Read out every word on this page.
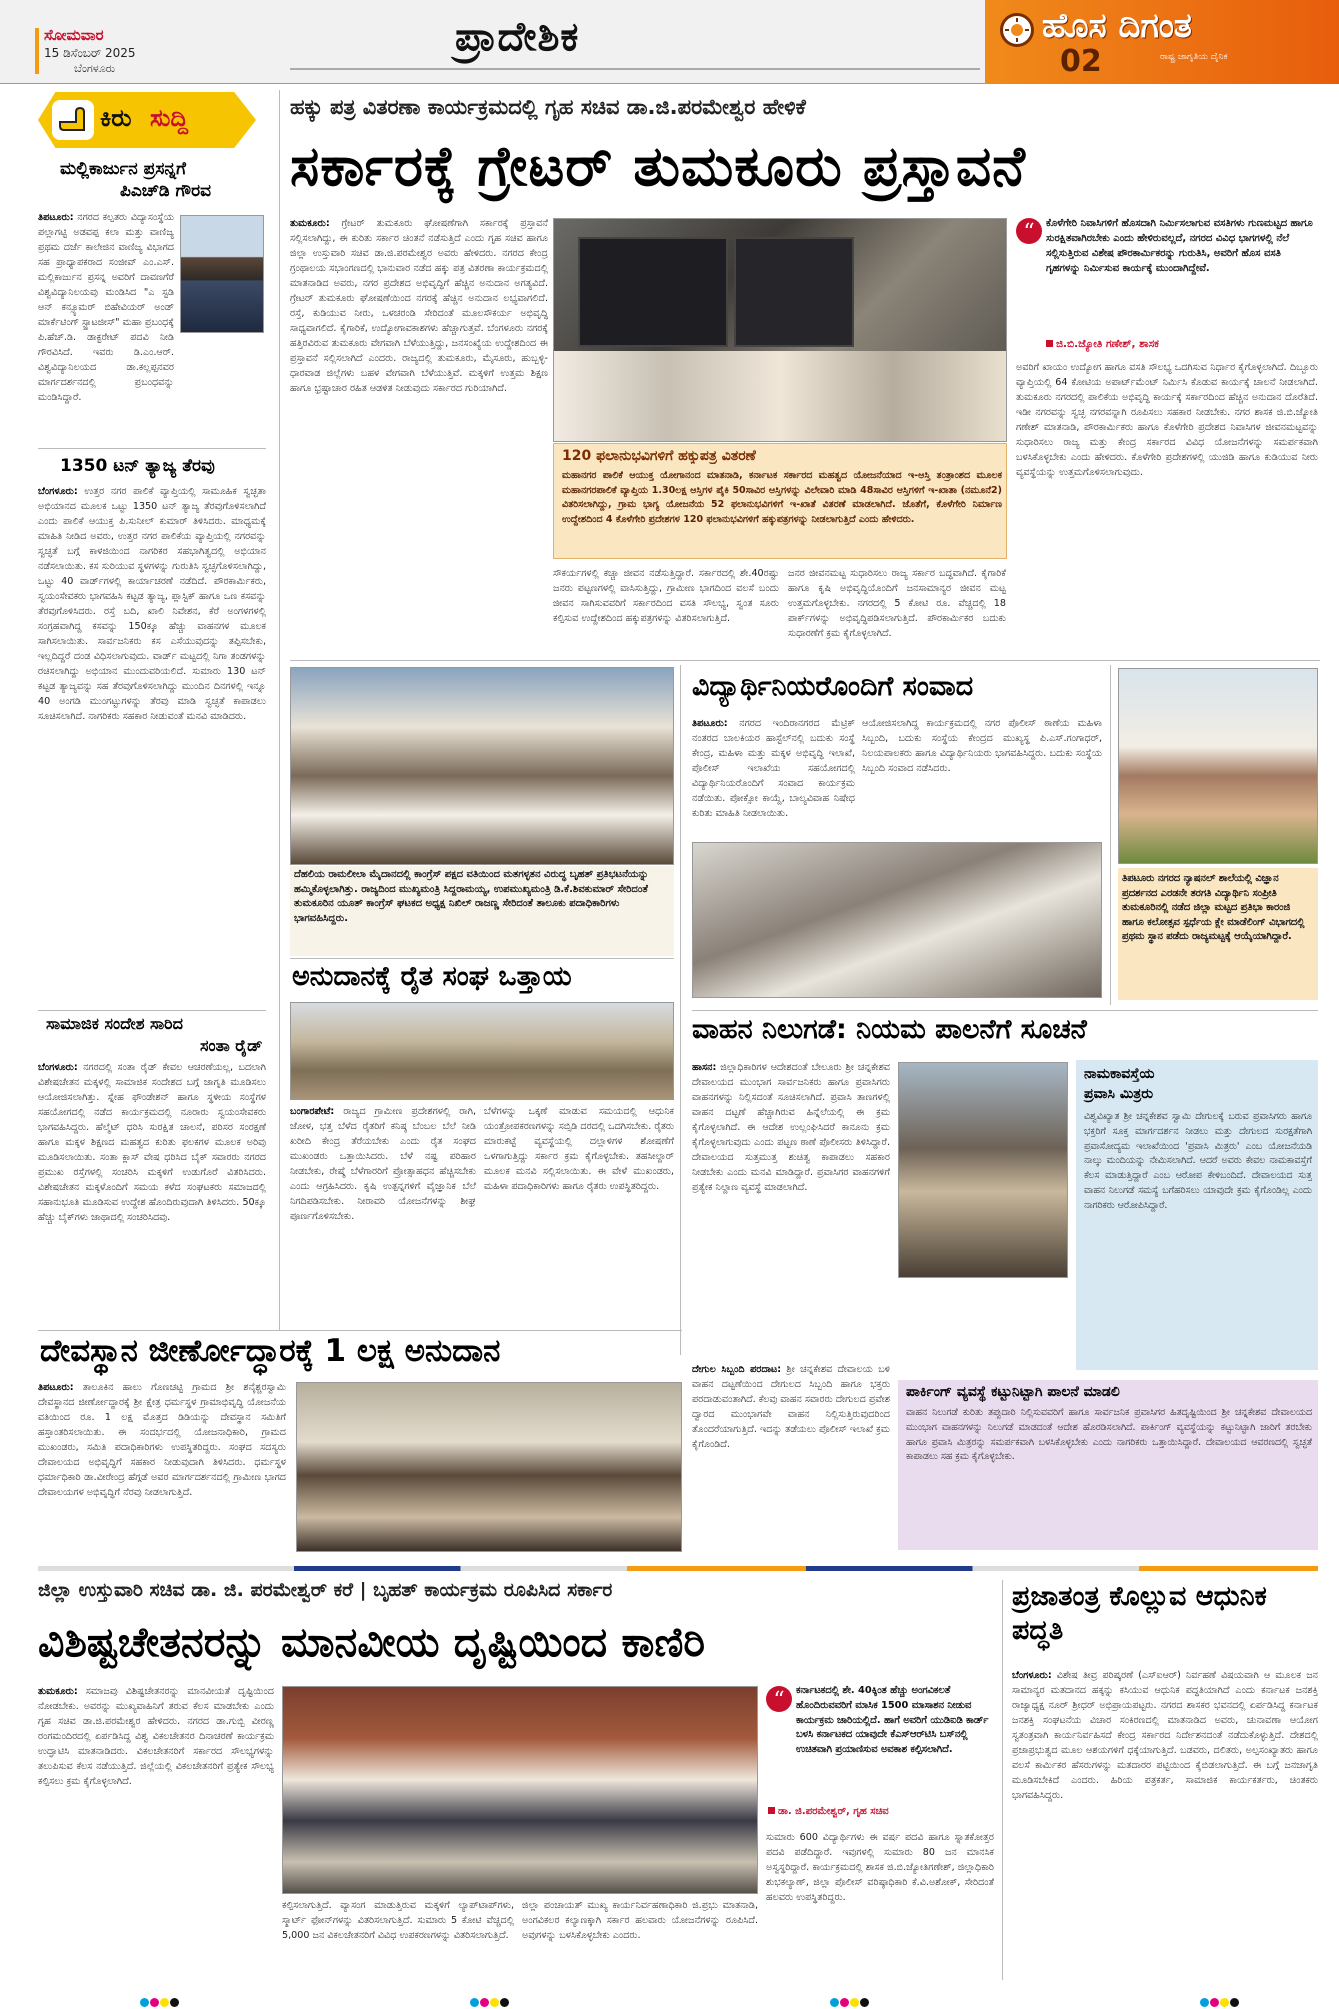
ಸೋಮವಾರ
15 ಡಿಸೆಂಬರ್ 2025
ಬೆಂಗಳೂರು
ಪ್ರಾದೇಶಿಕ	ಹೊಸ ದಿಗಂತ
ರಾಷ್ಟ್ರ ಜಾಗೃತಿಯ ದೈನಿಕ
02
ಕಿರು ಸುದ್ದಿ
ಮಲ್ಲಿಕಾರ್ಜುನ ಪ್ರಸನ್ನಗೆ
ಪಿಎಚ್‌ಡಿ ಗೌರವ
ತಿಪಟೂರು: ನಗರದ ಕಲ್ಪತರು ವಿದ್ಯಾಸಂಸ್ಥೆಯ ಪಲ್ಲಾಗಟ್ಟಿ ಅಡವಪ್ಪ ಕಲಾ ಮತ್ತು ವಾಣಿಜ್ಯ ಪ್ರಥಮ ದರ್ಜೆ ಕಾಲೇಜಿನ ವಾಣಿಜ್ಯ ವಿಭಾಗದ ಸಹ ಪ್ರಾಧ್ಯಾಪಕರಾದ ಸಂಜೀವ್ ಎಂ.ಎಸ್. ಮಲ್ಲಿಕಾರ್ಜುನ ಪ್ರಸನ್ನ ಅವರಿಗೆ ದಾವಣಗೆರೆ ವಿಶ್ವವಿದ್ಯಾನಿಲಯವು ಮಂಡಿಸಿದ "ಎ ಸ್ಟಡಿ ಆನ್ ಕನ್ಸ್ಯೂಮರ್ ಬಿಹೇವಿಯರ್ ಅಂಡ್ ಮಾರ್ಕೆಟಿಂಗ್ ಸ್ಟ್ರಾಟಜೀಸ್" ಮಹಾ ಪ್ರಬಂಧಕ್ಕೆ ಪಿ.ಹೆಚ್.ಡಿ. ಡಾಕ್ಟರೇಟ್ ಪದವಿ ನೀಡಿ ಗೌರವಿಸಿದೆ. ಇವರು ಡಿ.ಎಂ.ಆರ್. ವಿಶ್ವವಿದ್ಯಾನಿಲಯದ ಡಾ.ಕಲ್ಲಪ್ಪನವರ ಮಾರ್ಗದರ್ಶನದಲ್ಲಿ ಪ್ರಬಂಧವನ್ನು ಮಂಡಿಸಿದ್ದಾರೆ.
1350 ಟನ್ ತ್ಯಾಜ್ಯ ತೆರವು
ಬೆಂಗಳೂರು: ಉತ್ತರ ನಗರ ಪಾಲಿಕೆ ವ್ಯಾಪ್ತಿಯಲ್ಲಿ ಸಾಮೂಹಿಕ ಸ್ವಚ್ಛತಾ ಅಭಿಯಾನದ ಮೂಲಕ ಒಟ್ಟು 1350 ಟನ್ ತ್ಯಾಜ್ಯ ತೆರವುಗೊಳಿಸಲಾಗಿದೆ ಎಂದು ಪಾಲಿಕೆ ಆಯುಕ್ತ ಪಿ.ಸುನೀಲ್ ಕುಮಾರ್ ತಿಳಿಸಿದರು. ಮಾಧ್ಯಮಕ್ಕೆ ಮಾಹಿತಿ ನೀಡಿದ ಅವರು, ಉತ್ತರ ನಗರ ಪಾಲಿಕೆಯ ವ್ಯಾಪ್ತಿಯಲ್ಲಿ ನಗರವನ್ನು ಸ್ವಚ್ಛತೆ ಬಗ್ಗೆ ಕಾಳಜಿಯಿಂದ ನಾಗರಿಕರ ಸಹಭಾಗಿತ್ವದಲ್ಲಿ ಅಭಿಯಾನ ನಡೆಸಲಾಯಿತು. ಕಸ ಸುರಿಯುವ ಸ್ಥಳಗಳನ್ನು ಗುರುತಿಸಿ ಸ್ವಚ್ಛಗೊಳಿಸಲಾಗಿದ್ದು, ಒಟ್ಟು 40 ವಾರ್ಡ್‌ಗಳಲ್ಲಿ ಕಾರ್ಯಾಚರಣೆ ನಡೆದಿದೆ. ಪೌರಕಾರ್ಮಿಕರು, ಸ್ವಯಂಸೇವಕರು ಭಾಗವಹಿಸಿ ಕಟ್ಟಡ ತ್ಯಾಜ್ಯ, ಪ್ಲಾಸ್ಟಿಕ್ ಹಾಗೂ ಒಣ ಕಸವನ್ನು ತೆರವುಗೊಳಿಸಿದರು. ರಸ್ತೆ ಬದಿ, ಖಾಲಿ ನಿವೇಶನ, ಕೆರೆ ಅಂಗಳಗಳಲ್ಲಿ ಸಂಗ್ರಹವಾಗಿದ್ದ ಕಸವನ್ನು 150ಕ್ಕೂ ಹೆಚ್ಚು ವಾಹನಗಳ ಮೂಲಕ ಸಾಗಿಸಲಾಯಿತು. ಸಾರ್ವಜನಿಕರು ಕಸ ಎಸೆಯುವುದನ್ನು ತಪ್ಪಿಸಬೇಕು, ಇಲ್ಲದಿದ್ದರೆ ದಂಡ ವಿಧಿಸಲಾಗುವುದು. ವಾರ್ಡ್ ಮಟ್ಟದಲ್ಲಿ ನಿಗಾ ತಂಡಗಳನ್ನು ರಚಿಸಲಾಗಿದ್ದು ಅಭಿಯಾನ ಮುಂದುವರಿಯಲಿದೆ. ಸುಮಾರು 130 ಟನ್ ಕಟ್ಟಡ ತ್ಯಾಜ್ಯವನ್ನು ಸಹ ತೆರವುಗೊಳಿಸಲಾಗಿದ್ದು ಮುಂದಿನ ದಿನಗಳಲ್ಲಿ ಇನ್ನೂ 40 ಅಂಗಡಿ ಮುಂಗಟ್ಟುಗಳನ್ನು ತೆರವು ಮಾಡಿ ಸ್ವಚ್ಛತೆ ಕಾಪಾಡಲು ಸೂಚಿಸಲಾಗಿದೆ. ನಾಗರಿಕರು ಸಹಕಾರ ನೀಡುವಂತೆ ಮನವಿ ಮಾಡಿದರು.
ಸಾಮಾಜಿಕ ಸಂದೇಶ ಸಾರಿದ
ಸಂತಾ ರೈಡ್
ಬೆಂಗಳೂರು: ನಗರದಲ್ಲಿ ಸಂತಾ ರೈಡ್ ಕೇವಲ ಆಚರಣೆಯಲ್ಲ, ಬದಲಾಗಿ ವಿಶೇಷಚೇತನ ಮಕ್ಕಳಲ್ಲಿ ಸಾಮಾಜಿಕ ಸಂದೇಶದ ಬಗ್ಗೆ ಜಾಗೃತಿ ಮೂಡಿಸಲು ಆಯೋಜಿಸಲಾಗಿತ್ತು. ಸ್ನೇಹ ಫೌಂಡೇಶನ್ ಹಾಗೂ ಸ್ಥಳೀಯ ಸಂಸ್ಥೆಗಳ ಸಹಯೋಗದಲ್ಲಿ ನಡೆದ ಕಾರ್ಯಕ್ರಮದಲ್ಲಿ ನೂರಾರು ಸ್ವಯಂಸೇವಕರು ಭಾಗವಹಿಸಿದ್ದರು. ಹೆಲ್ಮೆಟ್ ಧರಿಸಿ ಸುರಕ್ಷಿತ ಚಾಲನೆ, ಪರಿಸರ ಸಂರಕ್ಷಣೆ ಹಾಗೂ ಮಕ್ಕಳ ಶಿಕ್ಷಣದ ಮಹತ್ವದ ಕುರಿತು ಫಲಕಗಳ ಮೂಲಕ ಅರಿವು ಮೂಡಿಸಲಾಯಿತು. ಸಂತಾ ಕ್ಲಾಸ್ ವೇಷ ಧರಿಸಿದ ಬೈಕ್ ಸವಾರರು ನಗರದ ಪ್ರಮುಖ ರಸ್ತೆಗಳಲ್ಲಿ ಸಂಚರಿಸಿ ಮಕ್ಕಳಿಗೆ ಉಡುಗೊರೆ ವಿತರಿಸಿದರು. ವಿಶೇಷಚೇತನ ಮಕ್ಕಳೊಂದಿಗೆ ಸಮಯ ಕಳೆದ ಸಂಘಟಕರು ಸಮಾಜದಲ್ಲಿ ಸಹಾನುಭೂತಿ ಮೂಡಿಸುವ ಉದ್ದೇಶ ಹೊಂದಿರುವುದಾಗಿ ತಿಳಿಸಿದರು. 50ಕ್ಕೂ ಹೆಚ್ಚು ಬೈಕ್‌ಗಳು ಜಾಥಾದಲ್ಲಿ ಸಂಚರಿಸಿದವು.
ಹಕ್ಕು ಪತ್ರ ವಿತರಣಾ ಕಾರ್ಯಕ್ರಮದಲ್ಲಿ ಗೃಹ ಸಚಿವ ಡಾ.ಜಿ.ಪರಮೇಶ್ವರ ಹೇಳಿಕೆ
ಸರ್ಕಾರಕ್ಕೆ ಗ್ರೇಟರ್ ತುಮಕೂರು ಪ್ರಸ್ತಾವನೆ
ತುಮಕೂರು: ಗ್ರೇಟರ್ ತುಮಕೂರು ಘೋಷಣೆಗಾಗಿ ಸರ್ಕಾರಕ್ಕೆ ಪ್ರಸ್ತಾವನೆ ಸಲ್ಲಿಸಲಾಗಿದ್ದು, ಈ ಕುರಿತು ಸರ್ಕಾರ ಚಿಂತನೆ ನಡೆಸುತ್ತಿದೆ ಎಂದು ಗೃಹ ಸಚಿವ ಹಾಗೂ ಜಿಲ್ಲಾ ಉಸ್ತುವಾರಿ ಸಚಿವ ಡಾ.ಜಿ.ಪರಮೇಶ್ವರ ಅವರು ಹೇಳಿದರು. ನಗರದ ಕೇಂದ್ರ ಗ್ರಂಥಾಲಯ ಸಭಾಂಗಣದಲ್ಲಿ ಭಾನುವಾರ ನಡೆದ ಹಕ್ಕು ಪತ್ರ ವಿತರಣಾ ಕಾರ್ಯಕ್ರಮದಲ್ಲಿ ಮಾತನಾಡಿದ ಅವರು, ನಗರ ಪ್ರದೇಶದ ಅಭಿವೃದ್ಧಿಗೆ ಹೆಚ್ಚಿನ ಅನುದಾನ ಅಗತ್ಯವಿದೆ. ಗ್ರೇಟರ್ ತುಮಕೂರು ಘೋಷಣೆಯಿಂದ ನಗರಕ್ಕೆ ಹೆಚ್ಚಿನ ಅನುದಾನ ಲಭ್ಯವಾಗಲಿದೆ. ರಸ್ತೆ, ಕುಡಿಯುವ ನೀರು, ಒಳಚರಂಡಿ ಸೇರಿದಂತೆ ಮೂಲಸೌಕರ್ಯ ಅಭಿವೃದ್ಧಿ ಸಾಧ್ಯವಾಗಲಿದೆ. ಕೈಗಾರಿಕೆ, ಉದ್ಯೋಗಾವಕಾಶಗಳು ಹೆಚ್ಚಾಗುತ್ತವೆ. ಬೆಂಗಳೂರು ನಗರಕ್ಕೆ ಹತ್ತಿರವಿರುವ ತುಮಕೂರು ವೇಗವಾಗಿ ಬೆಳೆಯುತ್ತಿದ್ದು, ಜನಸಂಖ್ಯೆಯ ಉದ್ದೇಶದಿಂದ ಈ ಪ್ರಸ್ತಾವನೆ ಸಲ್ಲಿಸಲಾಗಿದೆ ಎಂದರು. ರಾಜ್ಯದಲ್ಲಿ ತುಮಕೂರು, ಮೈಸೂರು, ಹುಬ್ಬಳ್ಳಿ-ಧಾರವಾಡ ಜಿಲ್ಲೆಗಳು ಬಹಳ ವೇಗವಾಗಿ ಬೆಳೆಯುತ್ತಿವೆ. ಮಕ್ಕಳಿಗೆ ಉತ್ತಮ ಶಿಕ್ಷಣ ಹಾಗೂ ಭ್ರಷ್ಟಾಚಾರ ರಹಿತ ಆಡಳಿತ ನೀಡುವುದು ಸರ್ಕಾರದ ಗುರಿಯಾಗಿದೆ.
120 ಫಲಾನುಭವಿಗಳಿಗೆ ಹಕ್ಕುಪತ್ರ ವಿತರಣೆ
ಮಹಾನಗರ ಪಾಲಿಕೆ ಆಯುಕ್ತ ಯೋಗಾನಂದ ಮಾತನಾಡಿ, ಕರ್ನಾಟಕ ಸರ್ಕಾರದ ಮಹತ್ವದ ಯೋಜನೆಯಾದ ಇ-ಆಸ್ತಿ ತಂತ್ರಾಂಶದ ಮೂಲಕ ಮಹಾನಗರಪಾಲಿಕೆ ವ್ಯಾಪ್ತಿಯ 1.30ಲಕ್ಷ ಆಸ್ತಿಗಳ ಪೈಕಿ 50ಸಾವಿರ ಆಸ್ತಿಗಳನ್ನು ವಿಲೇವಾರಿ ಮಾಡಿ 48ಸಾವಿರ ಆಸ್ತಿಗಳಿಗೆ ಇ-ಖಾತಾ (ನಮೂನೆ2) ವಿತರಿಸಲಾಗಿದ್ದು, ಗ್ರಾಮ ಭಾಗ್ಯ ಯೋಜನೆಯ 52 ಫಲಾನುಭವಿಗಳಿಗೆ ಇ-ಖಾತೆ ವಿತರಣೆ ಮಾಡಲಾಗಿದೆ. ಜೊತೆಗೆ, ಕೊಳೆಗೇರಿ ನಿರ್ಮಾಣ ಉದ್ದೇಶದಿಂದ 4 ಕೊಳೆಗೇರಿ ಪ್ರದೇಶಗಳ 120 ಫಲಾನುಭವಿಗಳಿಗೆ ಹಕ್ಕುಪತ್ರಗಳನ್ನು ನೀಡಲಾಗುತ್ತಿದೆ ಎಂದು ಹೇಳಿದರು.
ಸೌಕರ್ಯಗಳಲ್ಲಿ ಕಚ್ಚಾ ಜೀವನ ನಡೆಸುತ್ತಿದ್ದಾರೆ. ಸರ್ಕಾರದಲ್ಲಿ ಶೇ.40ರಷ್ಟು ಜನರು ಪಟ್ಟಣಗಳಲ್ಲಿ ವಾಸಿಸುತ್ತಿದ್ದು, ಗ್ರಾಮೀಣ ಭಾಗದಿಂದ ವಲಸೆ ಬಂದು ಜೀವನ ಸಾಗಿಸುವವರಿಗೆ ಸರ್ಕಾರದಿಂದ ವಸತಿ ಸೌಲಭ್ಯ, ಸ್ವಂತ ಸೂರು ಕಲ್ಪಿಸುವ ಉದ್ದೇಶದಿಂದ ಹಕ್ಕುಪತ್ರಗಳನ್ನು ವಿತರಿಸಲಾಗುತ್ತಿದೆ.
ಜನರ ಜೀವನಮಟ್ಟ ಸುಧಾರಿಸಲು ರಾಜ್ಯ ಸರ್ಕಾರ ಬದ್ಧವಾಗಿದೆ. ಕೈಗಾರಿಕೆ ಹಾಗೂ ಕೃಷಿ ಅಭಿವೃದ್ಧಿಯೊಂದಿಗೆ ಜನಸಾಮಾನ್ಯರ ಜೀವನ ಮಟ್ಟ ಉತ್ತಮಗೊಳ್ಳಬೇಕು. ನಗರದಲ್ಲಿ 5 ಕೋಟಿ ರೂ. ವೆಚ್ಚದಲ್ಲಿ 18 ಪಾರ್ಕ್‌ಗಳನ್ನು ಅಭಿವೃದ್ಧಿಪಡಿಸಲಾಗುತ್ತಿದೆ. ಪೌರಕಾರ್ಮಿಕರ ಬದುಕು ಸುಧಾರಣೆಗೆ ಕ್ರಮ ಕೈಗೊಳ್ಳಲಾಗಿದೆ.
“	ಕೊಳೆಗೇರಿ ನಿವಾಸಿಗಳಿಗೆ ಹೊಸದಾಗಿ ನಿರ್ಮಿಸಲಾಗುವ ವಸತಿಗಳು ಗುಣಮಟ್ಟದ ಹಾಗೂ ಸುರಕ್ಷಿತವಾಗಿರಬೇಕು ಎಂದು ಹೇಳಿರುವಲ್ಲದೆ, ನಗರದ ವಿವಿಧ ಭಾಗಗಳಲ್ಲಿ ನೆಲೆ ಸಲ್ಲಿಸುತ್ತಿರುವ ವಿಶೇಷ ಪೌರಕಾರ್ಮಿಕರನ್ನು ಗುರುತಿಸಿ, ಅವರಿಗೆ ಹೊಸ ವಸತಿ ಗೃಹಗಳನ್ನು ನಿರ್ಮಿಸುವ ಕಾರ್ಯಕ್ಕೆ ಮುಂದಾಗಿದ್ದೇವೆ.
ಜಿ.ಬಿ.ಜ್ಯೋತಿ ಗಣೇಶ್, ಶಾಸಕ
ಅವರಿಗೆ ಖಾಯಂ ಉದ್ಯೋಗ ಹಾಗೂ ವಸತಿ ಸೌಲಭ್ಯ ಒದಗಿಸುವ ನಿರ್ಧಾರ ಕೈಗೊಳ್ಳಲಾಗಿದೆ. ದಿಬ್ಬೂರು ವ್ಯಾಪ್ತಿಯಲ್ಲಿ 64 ಕೋಟಿಯ ಅಪಾರ್ಟ್‌ಮೆಂಟ್ ನಿರ್ಮಿಸಿ ಕೊಡುವ ಕಾರ್ಯಕ್ಕೆ ಚಾಲನೆ ನೀಡಲಾಗಿದೆ. ತುಮಕೂರು ನಗರದಲ್ಲಿ ಪಾಲಿಕೆಯ ಅಭಿವೃದ್ಧಿ ಕಾರ್ಯಕ್ಕೆ ಸರ್ಕಾರದಿಂದ ಹೆಚ್ಚಿನ ಅನುದಾನ ದೊರೆತಿದೆ. ಇಡೀ ನಗರವನ್ನು ಸ್ವಚ್ಛ ನಗರವನ್ನಾಗಿ ರೂಪಿಸಲು ಸಹಕಾರ ನೀಡಬೇಕು. ನಗರ ಶಾಸಕ ಜಿ.ಬಿ.ಜ್ಯೋತಿ ಗಣೇಶ್ ಮಾತನಾಡಿ, ಪೌರಕಾರ್ಮಿಕರು ಹಾಗೂ ಕೊಳೆಗೇರಿ ಪ್ರದೇಶದ ನಿವಾಸಿಗಳ ಜೀವನಮಟ್ಟವನ್ನು ಸುಧಾರಿಸಲು ರಾಜ್ಯ ಮತ್ತು ಕೇಂದ್ರ ಸರ್ಕಾರದ ವಿವಿಧ ಯೋಜನೆಗಳನ್ನು ಸಮರ್ಪಕವಾಗಿ ಬಳಸಿಕೊಳ್ಳಬೇಕು ಎಂದು ಹೇಳಿದರು. ಕೊಳೆಗೇರಿ ಪ್ರದೇಶಗಳಲ್ಲಿ ಯುಜಿಡಿ ಹಾಗೂ ಕುಡಿಯುವ ನೀರು ವ್ಯವಸ್ಥೆಯನ್ನು ಉತ್ತಮಗೊಳಿಸಲಾಗುವುದು.
ದೆಹಲಿಯ ರಾಮಲೀಲಾ ಮೈದಾನದಲ್ಲಿ ಕಾಂಗ್ರೆಸ್ ಪಕ್ಷದ ವತಿಯಿಂದ ಮತಗಳ್ಳತನ ವಿರುದ್ಧ ಬೃಹತ್ ಪ್ರತಿಭಟನೆಯನ್ನು ಹಮ್ಮಿಕೊಳ್ಳಲಾಗಿತ್ತು. ರಾಜ್ಯದಿಂದ ಮುಖ್ಯಮಂತ್ರಿ ಸಿದ್ದರಾಮಯ್ಯ, ಉಪಮುಖ್ಯಮಂತ್ರಿ ಡಿ.ಕೆ.ಶಿವಕುಮಾರ್ ಸೇರಿದಂತೆ ತುಮಕೂರಿನ ಯೂತ್ ಕಾಂಗ್ರೆಸ್ ಘಟಕದ ಅಧ್ಯಕ್ಷ ನಿಖಿಲ್ ರಾಜಣ್ಣ ಸೇರಿದಂತೆ ತಾಲೂಕು ಪದಾಧಿಕಾರಿಗಳು ಭಾಗವಹಿಸಿದ್ದರು.
ಅನುದಾನಕ್ಕೆ ರೈತ ಸಂಘ ಒತ್ತಾಯ
ಬಂಗಾರಪೇಟೆ: ರಾಜ್ಯದ ಗ್ರಾಮೀಣ ಪ್ರದೇಶಗಳಲ್ಲಿ ರಾಗಿ, ಜೋಳ, ಭತ್ತ ಬೆಳೆದ ರೈತರಿಗೆ ಕನಿಷ್ಠ ಬೆಂಬಲ ಬೆಲೆ ನೀಡಿ ಖರೀದಿ ಕೇಂದ್ರ ತೆರೆಯಬೇಕು ಎಂದು ರೈತ ಸಂಘದ ಮುಖಂಡರು ಒತ್ತಾಯಿಸಿದರು. ಬೆಳೆ ನಷ್ಟ ಪರಿಹಾರ ನೀಡಬೇಕು, ರೇಷ್ಮೆ ಬೆಳೆಗಾರರಿಗೆ ಪ್ರೋತ್ಸಾಹಧನ ಹೆಚ್ಚಿಸಬೇಕು ಎಂದು ಆಗ್ರಹಿಸಿದರು. ಕೃಷಿ ಉತ್ಪನ್ನಗಳಿಗೆ ವೈಜ್ಞಾನಿಕ ಬೆಲೆ ನಿಗದಿಪಡಿಸಬೇಕು. ನೀರಾವರಿ ಯೋಜನೆಗಳನ್ನು ಶೀಘ್ರ ಪೂರ್ಣಗೊಳಿಸಬೇಕು.
ಬೆಳೆಗಳನ್ನು ಒಕ್ಕಣೆ ಮಾಡುವ ಸಮಯದಲ್ಲಿ ಆಧುನಿಕ ಯಂತ್ರೋಪಕರಣಗಳನ್ನು ಸಬ್ಸಿಡಿ ದರದಲ್ಲಿ ಒದಗಿಸಬೇಕು. ರೈತರು ಮಾರುಕಟ್ಟೆ ವ್ಯವಸ್ಥೆಯಲ್ಲಿ ದಲ್ಲಾಳಿಗಳ ಶೋಷಣೆಗೆ ಒಳಗಾಗುತ್ತಿದ್ದು ಸರ್ಕಾರ ಕ್ರಮ ಕೈಗೊಳ್ಳಬೇಕು. ತಹಸೀಲ್ದಾರ್ ಮೂಲಕ ಮನವಿ ಸಲ್ಲಿಸಲಾಯಿತು. ಈ ವೇಳೆ ಮುಖಂಡರು, ಮಹಿಳಾ ಪದಾಧಿಕಾರಿಗಳು ಹಾಗೂ ರೈತರು ಉಪಸ್ಥಿತರಿದ್ದರು.
ವಿದ್ಯಾರ್ಥಿನಿಯರೊಂದಿಗೆ ಸಂವಾದ
ತಿಪಟೂರು: ನಗರದ ಇಂದಿರಾನಗರದ ಮೆಟ್ರಿಕ್ ನಂತರದ ಬಾಲಕಿಯರ ಹಾಸ್ಟೆಲ್‌ನಲ್ಲಿ ಬದುಕು ಸಂಸ್ಥೆ ಕೇಂದ್ರ, ಮಹಿಳಾ ಮತ್ತು ಮಕ್ಕಳ ಅಭಿವೃದ್ಧಿ ಇಲಾಖೆ, ಪೊಲೀಸ್ ಇಲಾಖೆಯ ಸಹಯೋಗದಲ್ಲಿ ವಿದ್ಯಾರ್ಥಿನಿಯರೊಂದಿಗೆ ಸಂವಾದ ಕಾರ್ಯಕ್ರಮ ನಡೆಯಿತು. ಪೋಕ್ಸೋ ಕಾಯ್ದೆ, ಬಾಲ್ಯವಿವಾಹ ನಿಷೇಧ ಕುರಿತು ಮಾಹಿತಿ ನೀಡಲಾಯಿತು.
ಆಯೋಜಿಸಲಾಗಿದ್ದ ಕಾರ್ಯಕ್ರಮದಲ್ಲಿ ನಗರ ಪೊಲೀಸ್ ಠಾಣೆಯ ಮಹಿಳಾ ಸಿಬ್ಬಂದಿ, ಬದುಕು ಸಂಸ್ಥೆಯ ಕೇಂದ್ರದ ಮುಖ್ಯಸ್ಥ ಪಿ.ಎಸ್.ಗಂಗಾಧರ್, ನಿಲಯಪಾಲಕರು ಹಾಗೂ ವಿದ್ಯಾರ್ಥಿನಿಯರು ಭಾಗವಹಿಸಿದ್ದರು. ಬದುಕು ಸಂಸ್ಥೆಯ ಸಿಬ್ಬಂದಿ ಸಂವಾದ ನಡೆಸಿದರು.
ತಿಪಟೂರು ನಗರದ ನ್ಯಾಷನಲ್ ಶಾಲೆಯಲ್ಲಿ ವಿಜ್ಞಾನ ಪ್ರದರ್ಶನದ ಎರಡನೇ ತರಗತಿ ವಿದ್ಯಾರ್ಥಿನಿ ಸಂಪ್ರೀತಿ ತುಮಕೂರಿನಲ್ಲಿ ನಡೆದ ಜಿಲ್ಲಾ ಮಟ್ಟದ ಪ್ರತಿಭಾ ಕಾರಂಜಿ ಹಾಗೂ ಕಲೋತ್ಸವ ಸ್ಪರ್ಧೆಯ ಕ್ಲೇ ಮಾಡೆಲಿಂಗ್ ವಿಭಾಗದಲ್ಲಿ ಪ್ರಥಮ ಸ್ಥಾನ ಪಡೆದು ರಾಜ್ಯಮಟ್ಟಕ್ಕೆ ಆಯ್ಕೆಯಾಗಿದ್ದಾರೆ.
ವಾಹನ ನಿಲುಗಡೆ: ನಿಯಮ ಪಾಲನೆಗೆ ಸೂಚನೆ
ಹಾಸನ: ಜಿಲ್ಲಾಧಿಕಾರಿಗಳ ಆದೇಶದಂತೆ ಬೇಲೂರು ಶ್ರೀ ಚನ್ನಕೇಶವ ದೇವಾಲಯದ ಮುಂಭಾಗ ಸಾರ್ವಜನಿಕರು ಹಾಗೂ ಪ್ರವಾಸಿಗರು ವಾಹನಗಳನ್ನು ನಿಲ್ಲಿಸದಂತೆ ಸೂಚಿಸಲಾಗಿದೆ. ಪ್ರವಾಸಿ ತಾಣಗಳಲ್ಲಿ ವಾಹನ ದಟ್ಟಣೆ ಹೆಚ್ಚಾಗಿರುವ ಹಿನ್ನೆಲೆಯಲ್ಲಿ ಈ ಕ್ರಮ ಕೈಗೊಳ್ಳಲಾಗಿದೆ. ಈ ಆದೇಶ ಉಲ್ಲಂಘಿಸಿದರೆ ಕಾನೂನು ಕ್ರಮ ಕೈಗೊಳ್ಳಲಾಗುವುದು ಎಂದು ಪಟ್ಟಣ ಠಾಣೆ ಪೊಲೀಸರು ತಿಳಿಸಿದ್ದಾರೆ. ದೇವಾಲಯದ ಸುತ್ತಮುತ್ತ ಶುಚಿತ್ವ ಕಾಪಾಡಲು ಸಹಕಾರ ನೀಡಬೇಕು ಎಂದು ಮನವಿ ಮಾಡಿದ್ದಾರೆ. ಪ್ರವಾಸಿಗರ ವಾಹನಗಳಿಗೆ ಪ್ರತ್ಯೇಕ ನಿಲ್ದಾಣ ವ್ಯವಸ್ಥೆ ಮಾಡಲಾಗಿದೆ.
ನಾಮಕಾವಸ್ತೆಯ
ಪ್ರವಾಸಿ ಮಿತ್ರರು
ವಿಶ್ವವಿಖ್ಯಾತ ಶ್ರೀ ಚನ್ನಕೇಶವ ಸ್ವಾಮಿ ದೇಗುಲಕ್ಕೆ ಬರುವ ಪ್ರವಾಸಿಗರು ಹಾಗೂ ಭಕ್ತರಿಗೆ ಸೂಕ್ತ ಮಾರ್ಗದರ್ಶನ ನೀಡಲು ಮತ್ತು ದೇಗುಲದ ಸುರಕ್ಷತೆಗಾಗಿ ಪ್ರವಾಸೋದ್ಯಮ ಇಲಾಖೆಯಿಂದ 'ಪ್ರವಾಸಿ ಮಿತ್ರರು' ಎಂಬ ಯೋಜನೆಯಡಿ ನಾಲ್ಕು ಮಂದಿಯನ್ನು ನೇಮಿಸಲಾಗಿದೆ. ಆದರೆ ಅವರು ಕೇವಲ ನಾಮಕಾವಸ್ತೆಗೆ ಕೆಲಸ ಮಾಡುತ್ತಿದ್ದಾರೆ ಎಂಬ ಆರೋಪ ಕೇಳಿಬಂದಿದೆ. ದೇವಾಲಯದ ಸುತ್ತ ವಾಹನ ನಿಲುಗಡೆ ಸಮಸ್ಯೆ ಬಗೆಹರಿಸಲು ಯಾವುದೇ ಕ್ರಮ ಕೈಗೊಂಡಿಲ್ಲ ಎಂದು ನಾಗರಿಕರು ಆರೋಪಿಸಿದ್ದಾರೆ.
ದೇಗುಲ ಸಿಬ್ಬಂದಿ ಪರದಾಟ: ಶ್ರೀ ಚನ್ನಕೇಶವ ದೇವಾಲಯ ಬಳಿ ವಾಹನ ದಟ್ಟಣೆಯಿಂದ ದೇಗುಲದ ಸಿಬ್ಬಂದಿ ಹಾಗೂ ಭಕ್ತರು ಪರದಾಡುವಂತಾಗಿದೆ. ಕೆಲವು ವಾಹನ ಸವಾರರು ದೇಗುಲದ ಪ್ರವೇಶ ದ್ವಾರದ ಮುಂಭಾಗವೇ ವಾಹನ ನಿಲ್ಲಿಸುತ್ತಿರುವುದರಿಂದ ತೊಂದರೆಯಾಗುತ್ತಿದೆ. ಇದನ್ನು ತಡೆಯಲು ಪೊಲೀಸ್ ಇಲಾಖೆ ಕ್ರಮ ಕೈಗೊಂಡಿದೆ.
ಪಾರ್ಕಿಂಗ್ ವ್ಯವಸ್ಥೆ ಕಟ್ಟುನಿಟ್ಟಾಗಿ ಪಾಲನೆ ಮಾಡಲಿ
ವಾಹನ ನಿಲುಗಡೆ ಕುರಿತು ತಪ್ಪುದಾರಿ ನಿಲ್ಲಿಸುವವರಿಗೆ ಹಾಗೂ ಸಾರ್ವಜನಿಕ ಪ್ರವಾಸಿಗರ ಹಿತದೃಷ್ಟಿಯಿಂದ ಶ್ರೀ ಚನ್ನಕೇಶವ ದೇವಾಲಯದ ಮುಂಭಾಗ ವಾಹನಗಳನ್ನು ನಿಲುಗಡೆ ಮಾಡದಂತೆ ಆದೇಶ ಹೊರಡಿಸಲಾಗಿದೆ. ಪಾರ್ಕಿಂಗ್ ವ್ಯವಸ್ಥೆಯನ್ನು ಕಟ್ಟುನಿಟ್ಟಾಗಿ ಜಾರಿಗೆ ತರಬೇಕು ಹಾಗೂ ಪ್ರವಾಸಿ ಮಿತ್ರರನ್ನು ಸಮರ್ಪಕವಾಗಿ ಬಳಸಿಕೊಳ್ಳಬೇಕು ಎಂದು ನಾಗರಿಕರು ಒತ್ತಾಯಿಸಿದ್ದಾರೆ. ದೇವಾಲಯದ ಆವರಣದಲ್ಲಿ ಸ್ವಚ್ಛತೆ ಕಾಪಾಡಲು ಸಹ ಕ್ರಮ ಕೈಗೊಳ್ಳಬೇಕು.
ದೇವಸ್ಥಾನ ಜೀರ್ಣೋದ್ಧಾರಕ್ಕೆ 1 ಲಕ್ಷ ಅನುದಾನ
ತಿಪಟೂರು: ತಾಲೂಕಿನ ಹಾಲು ಗೊಣಚಟ್ಟಿ ಗ್ರಾಮದ ಶ್ರೀ ಶನೈಶ್ಚರಸ್ವಾಮಿ ದೇವಸ್ಥಾನದ ಜೀರ್ಣೋದ್ಧಾರಕ್ಕೆ ಶ್ರೀ ಕ್ಷೇತ್ರ ಧರ್ಮಸ್ಥಳ ಗ್ರಾಮಾಭಿವೃದ್ಧಿ ಯೋಜನೆಯ ವತಿಯಿಂದ ರೂ. 1 ಲಕ್ಷ ಮೊತ್ತದ ಡಿಡಿಯನ್ನು ದೇವಸ್ಥಾನ ಸಮಿತಿಗೆ ಹಸ್ತಾಂತರಿಸಲಾಯಿತು. ಈ ಸಂದರ್ಭದಲ್ಲಿ ಯೋಜನಾಧಿಕಾರಿ, ಗ್ರಾಮದ ಮುಖಂಡರು, ಸಮಿತಿ ಪದಾಧಿಕಾರಿಗಳು ಉಪಸ್ಥಿತರಿದ್ದರು. ಸಂಘದ ಸದಸ್ಯರು ದೇವಾಲಯದ ಅಭಿವೃದ್ಧಿಗೆ ಸಹಕಾರ ನೀಡುವುದಾಗಿ ತಿಳಿಸಿದರು. ಧರ್ಮಸ್ಥಳ ಧರ್ಮಾಧಿಕಾರಿ ಡಾ.ವೀರೇಂದ್ರ ಹೆಗ್ಗಡೆ ಅವರ ಮಾರ್ಗದರ್ಶನದಲ್ಲಿ ಗ್ರಾಮೀಣ ಭಾಗದ ದೇವಾಲಯಗಳ ಅಭಿವೃದ್ಧಿಗೆ ನೆರವು ನೀಡಲಾಗುತ್ತಿದೆ.
ಜಿಲ್ಲಾ ಉಸ್ತುವಾರಿ ಸಚಿವ ಡಾ. ಜಿ. ಪರಮೇಶ್ವರ್ ಕರೆ | ಬೃಹತ್ ಕಾರ್ಯಕ್ರಮ ರೂಪಿಸಿದ ಸರ್ಕಾರ
ವಿಶಿಷ್ಟಚೇತನರನ್ನು ಮಾನವೀಯ ದೃಷ್ಟಿಯಿಂದ ಕಾಣಿರಿ
ತುಮಕೂರು: ಸಮಾಜವು ವಿಶಿಷ್ಟಚೇತನರನ್ನು ಮಾನವೀಯತೆ ದೃಷ್ಟಿಯಿಂದ ನೋಡಬೇಕು. ಅವರನ್ನು ಮುಖ್ಯವಾಹಿನಿಗೆ ತರುವ ಕೆಲಸ ಮಾಡಬೇಕು ಎಂದು ಗೃಹ ಸಚಿವ ಡಾ.ಜಿ.ಪರಮೇಶ್ವರ ಹೇಳಿದರು. ನಗರದ ಡಾ.ಗುಬ್ಬಿ ವೀರಣ್ಣ ರಂಗಮಂದಿರದಲ್ಲಿ ಏರ್ಪಡಿಸಿದ್ದ ವಿಶ್ವ ವಿಕಲಚೇತನರ ದಿನಾಚರಣೆ ಕಾರ್ಯಕ್ರಮ ಉದ್ಘಾಟಿಸಿ ಮಾತನಾಡಿದರು. ವಿಕಲಚೇತನರಿಗೆ ಸರ್ಕಾರದ ಸೌಲಭ್ಯಗಳನ್ನು ತಲುಪಿಸುವ ಕೆಲಸ ನಡೆಯುತ್ತಿದೆ. ಜಿಲ್ಲೆಯಲ್ಲಿ ವಿಕಲಚೇತನರಿಗೆ ಪ್ರತ್ಯೇಕ ಸೌಲಭ್ಯ ಕಲ್ಪಿಸಲು ಕ್ರಮ ಕೈಗೊಳ್ಳಲಾಗಿದೆ.
ಕಲ್ಪಿಸಲಾಗುತ್ತಿದೆ. ವ್ಯಾಸಂಗ ಮಾಡುತ್ತಿರುವ ಮಕ್ಕಳಿಗೆ ಲ್ಯಾಪ್‌ಟಾಪ್‌ಗಳು, ಸ್ಮಾರ್ಟ್ ಫೋನ್‌ಗಳನ್ನು ವಿತರಿಸಲಾಗುತ್ತಿದೆ. ಸುಮಾರು 5 ಕೋಟಿ ವೆಚ್ಚದಲ್ಲಿ 5,000 ಜನ ವಿಕಲಚೇತನರಿಗೆ ವಿವಿಧ ಉಪಕರಣಗಳನ್ನು ವಿತರಿಸಲಾಗುತ್ತಿದೆ.
ಜಿಲ್ಲಾ ಪಂಚಾಯತ್ ಮುಖ್ಯ ಕಾರ್ಯನಿರ್ವಹಣಾಧಿಕಾರಿ ಜಿ.ಪ್ರಭು ಮಾತನಾಡಿ, ಅಂಗವಿಕಲರ ಕಲ್ಯಾಣಕ್ಕಾಗಿ ಸರ್ಕಾರ ಹಲವಾರು ಯೋಜನೆಗಳನ್ನು ರೂಪಿಸಿದೆ. ಅವುಗಳನ್ನು ಬಳಸಿಕೊಳ್ಳಬೇಕು ಎಂದರು.
“	ಕರ್ನಾಟಕದಲ್ಲಿ ಶೇ. 40ಕ್ಕಿಂತ ಹೆಚ್ಚು ಅಂಗವಿಕಲತೆ ಹೊಂದಿರುವವರಿಗೆ ಮಾಸಿಕ 1500 ಮಾಸಾಶನ ನೀಡುವ ಕಾರ್ಯಕ್ರಮ ಜಾರಿಯಲ್ಲಿದೆ. ಹಾಗೆ ಅವರಿಗೆ ಯುಡಿಐಡಿ ಕಾರ್ಡ್ ಬಳಸಿ ಕರ್ನಾಟಕದ ಯಾವುದೇ ಕೆಎಸ್‌ಆರ್‌ಟಿಸಿ ಬಸ್‌ನಲ್ಲಿ ಉಚಿತವಾಗಿ ಪ್ರಯಾಣಿಸುವ ಅವಕಾಶ ಕಲ್ಪಿಸಲಾಗಿದೆ.
ಡಾ. ಜಿ.ಪರಮೇಶ್ವರ್, ಗೃಹ ಸಚಿವ
ಸುಮಾರು 600 ವಿದ್ಯಾರ್ಥಿಗಳು ಈ ವರ್ಷ ಪದವಿ ಹಾಗೂ ಸ್ನಾತಕೋತ್ತರ ಪದವಿ ಪಡೆದಿದ್ದಾರೆ. ಇವುಗಳಲ್ಲಿ ಸುಮಾರು 80 ಜನ ಮಾನಸಿಕ ಅಸ್ವಸ್ಥರಿದ್ದಾರೆ. ಕಾರ್ಯಕ್ರಮದಲ್ಲಿ ಶಾಸಕ ಜಿ.ಬಿ.ಜ್ಯೋತಿಗಣೇಶ್, ಜಿಲ್ಲಾಧಿಕಾರಿ ಶುಭಕಲ್ಯಾಣ್, ಜಿಲ್ಲಾ ಪೊಲೀಸ್ ವರಿಷ್ಠಾಧಿಕಾರಿ ಕೆ.ವಿ.ಅಶೋಕ್, ಸೇರಿದಂತೆ ಹಲವರು ಉಪಸ್ಥಿತರಿದ್ದರು.
ಪ್ರಜಾತಂತ್ರ ಕೊಲ್ಲುವ ಆಧುನಿಕ ಪದ್ಧತಿ
ಬೆಂಗಳೂರು: ವಿಶೇಷ ತೀವ್ರ ಪರಿಷ್ಕರಣೆ (ಎಸ್‌ಐಆರ್) ನಿರ್ವಹಣೆ ವಿಷಯವಾಗಿ ಆ ಮೂಲಕ ಜನ ಸಾಮಾನ್ಯರ ಮತದಾನದ ಹಕ್ಕನ್ನು ಕಸಿಯುವ ಆಧುನಿಕ ಪದ್ಧತಿಯಾಗಿದೆ ಎಂದು ಕರ್ನಾಟಕ ಜನಶಕ್ತಿ ರಾಜ್ಯಾಧ್ಯಕ್ಷ ನೂರ್ ಶ್ರೀಧರ್ ಅಭಿಪ್ರಾಯಪಟ್ಟರು. ನಗರದ ಶಾಸಕರ ಭವನದಲ್ಲಿ ಏರ್ಪಡಿಸಿದ್ದ ಕರ್ನಾಟಕ ಜನಶಕ್ತಿ ಸಂಘಟನೆಯ ವಿಚಾರ ಸಂಕಿರಣದಲ್ಲಿ ಮಾತನಾಡಿದ ಅವರು, ಚುನಾವಣಾ ಆಯೋಗ ಸ್ವತಂತ್ರವಾಗಿ ಕಾರ್ಯನಿರ್ವಹಿಸದೆ ಕೇಂದ್ರ ಸರ್ಕಾರದ ನಿರ್ದೇಶನದಂತೆ ನಡೆದುಕೊಳ್ಳುತ್ತಿದೆ. ದೇಶದಲ್ಲಿ ಪ್ರಜಾಪ್ರಭುತ್ವದ ಮೂಲ ಆಶಯಗಳಿಗೆ ಧಕ್ಕೆಯಾಗುತ್ತಿದೆ. ಬಡವರು, ದಲಿತರು, ಅಲ್ಪಸಂಖ್ಯಾತರು ಹಾಗೂ ವಲಸೆ ಕಾರ್ಮಿಕರ ಹೆಸರುಗಳನ್ನು ಮತದಾರರ ಪಟ್ಟಿಯಿಂದ ಕೈಬಿಡಲಾಗುತ್ತಿದೆ. ಈ ಬಗ್ಗೆ ಜನಜಾಗೃತಿ ಮೂಡಿಸಬೇಕಿದೆ ಎಂದರು. ಹಿರಿಯ ಪತ್ರಕರ್ತ, ಸಾಮಾಜಿಕ ಕಾರ್ಯಕರ್ತರು, ಚಿಂತಕರು ಭಾಗವಹಿಸಿದ್ದರು.
